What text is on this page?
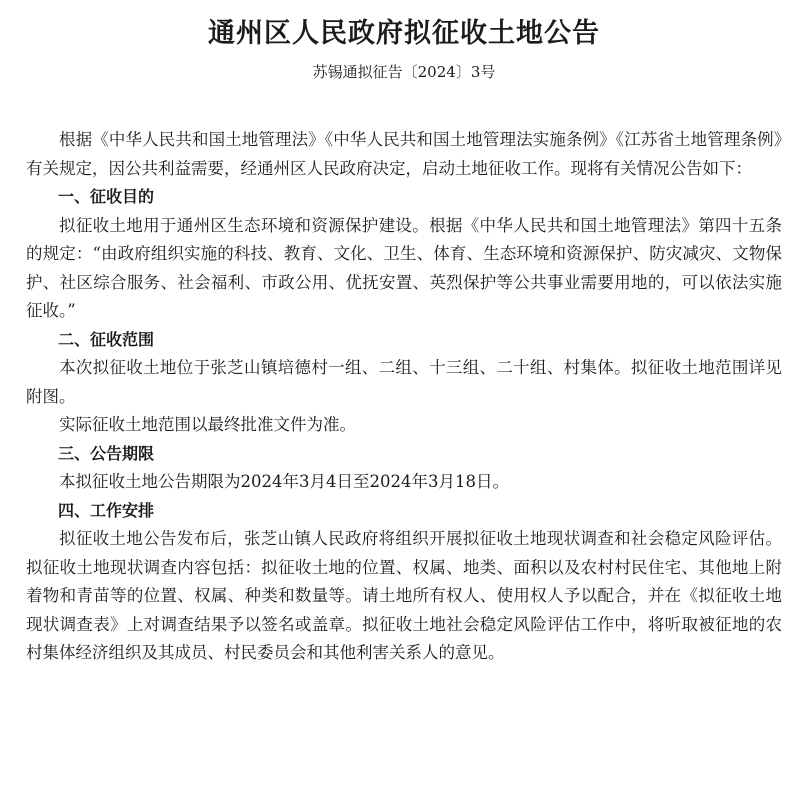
通州区人民政府拟征收土地公告
苏锡通拟征告〔2024〕3号

根据《中华人民共和国土地管理法》《中华人民共和国土地管理法实施条例》《江苏省土地管理条例》有关规定，因公共利益需要，经通州区人民政府决定，启动土地征收工作。现将有关情况公告如下：

一、征收目的

拟征收土地用于通州区生态环境和资源保护建设。根据《中华人民共和国土地管理法》第四十五条的规定：“由政府组织实施的科技、教育、文化、卫生、体育、生态环境和资源保护、防灾减灾、文物保护、社区综合服务、社会福利、市政公用、优抚安置、英烈保护等公共事业需要用地的，可以依法实施征收。”

二、征收范围

本次拟征收土地位于张芝山镇培德村一组、二组、十三组、二十组、村集体。拟征收土地范围详见附图。

实际征收土地范围以最终批准文件为准。

三、公告期限

本拟征收土地公告期限为2024年3月4日至2024年3月18日。

四、工作安排

拟征收土地公告发布后，张芝山镇人民政府将组织开展拟征收土地现状调查和社会稳定风险评估。拟征收土地现状调查内容包括：拟征收土地的位置、权属、地类、面积以及农村村民住宅、其他地上附着物和青苗等的位置、权属、种类和数量等。请土地所有权人、使用权人予以配合，并在《拟征收土地现状调查表》上对调查结果予以签名或盖章。拟征收土地社会稳定风险评估工作中，将听取被征地的农村集体经济组织及其成员、村民委员会和其他利害关系人的意见。
